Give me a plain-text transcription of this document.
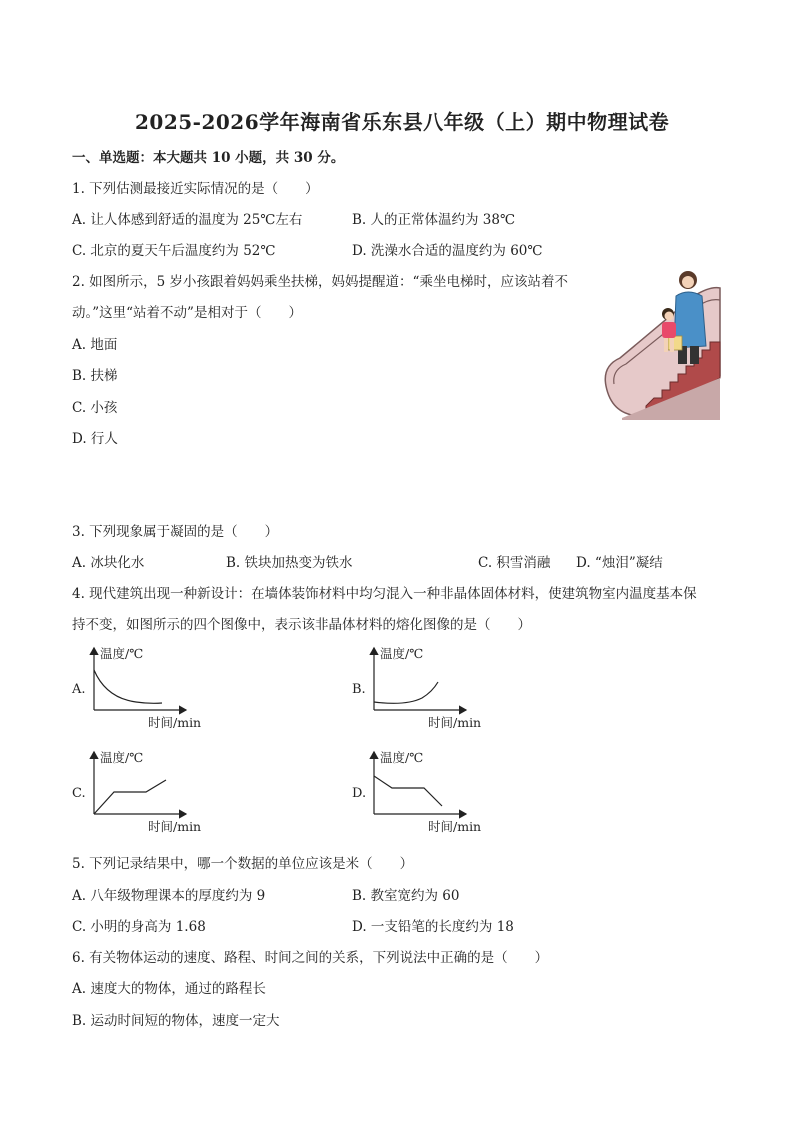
2025-2026学年海南省乐东县八年级（上）期中物理试卷
一、单选题：本大题共 10 小题，共 30 分。
1. 下列估测最接近实际情况的是（　　）
A. 让人体感到舒适的温度为 25℃左右	B. 人的正常体温约为 38℃
C. 北京的夏天午后温度约为 52℃	D. 洗澡水合适的温度约为 60℃
2. 如图所示，5 岁小孩跟着妈妈乘坐扶梯，妈妈提醒道：“乘坐电梯时，应该站着不
动。”这里“站着不动”是相对于（　　）
A. 地面
B. 扶梯
C. 小孩
D. 行人
3. 下列现象属于凝固的是（　　）
A. 冰块化水	B. 铁块加热变为铁水	C. 积雪消融 D. “烛泪”凝结
4. 现代建筑出现一种新设计：在墙体装饰材料中均匀混入一种非晶体固体材料，使建筑物室内温度基本保
持不变，如图所示的四个图像中，表示该非晶体材料的熔化图像的是（　　）
A.
温度/℃
时间/min
B.
温度/℃
时间/min
C.
温度/℃
时间/min
D.
温度/℃
时间/min
5. 下列记录结果中，哪一个数据的单位应该是米（　　）
A. 八年级物理课本的厚度约为 9	B. 教室宽约为 60
C. 小明的身高为 1.68	D. 一支铅笔的长度约为 18
6. 有关物体运动的速度、路程、时间之间的关系，下列说法中正确的是（　　）
A. 速度大的物体，通过的路程长
B. 运动时间短的物体，速度一定大
